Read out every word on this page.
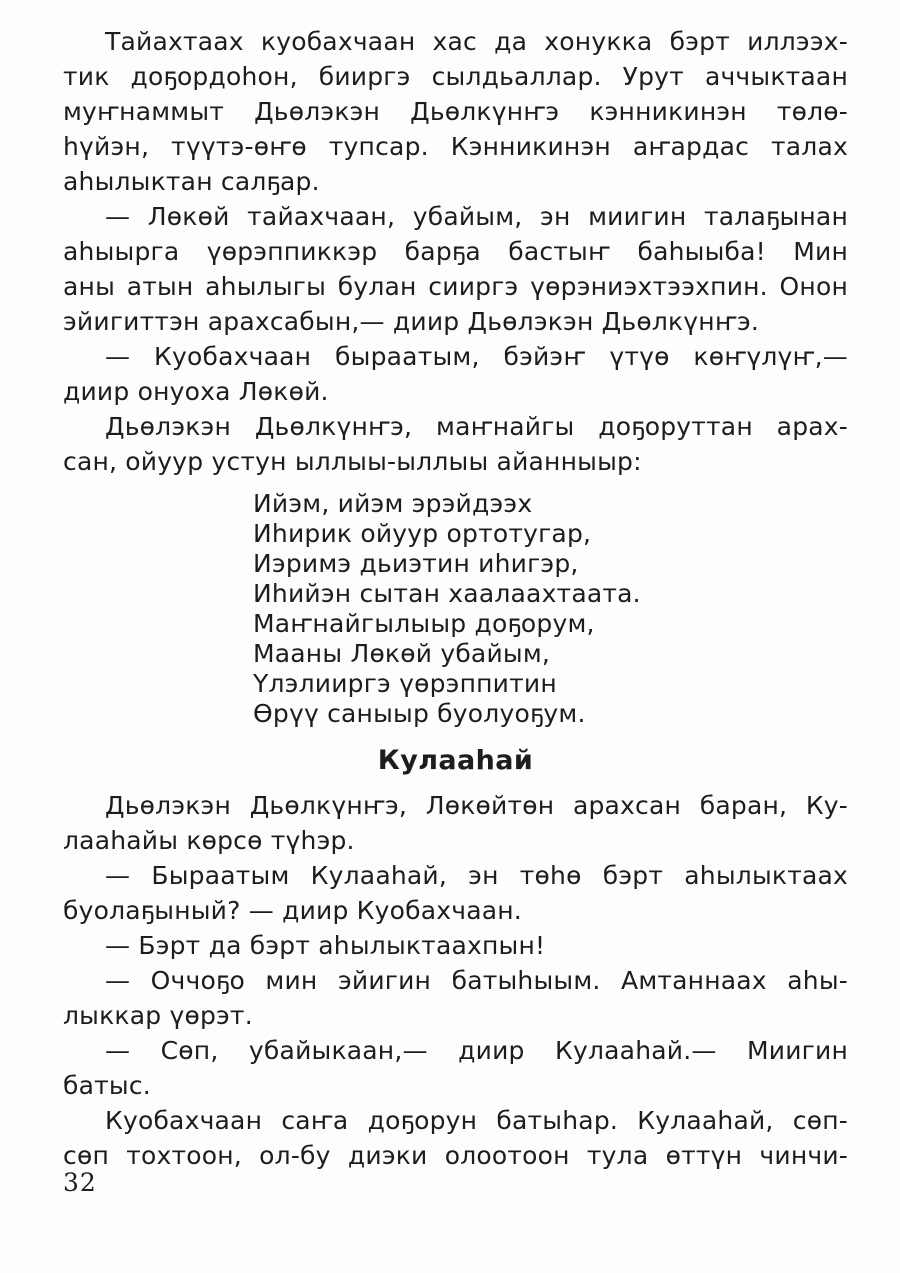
Тайахтаах куобахчаан хас да хонукка бэрт иллээх-
тик доҕордоһон, бииргэ сылдьаллар. Урут аччыктаан
муҥнаммыт Дьөлэкэн Дьөлкүнҥэ кэнникинэн төлө-
һүйэн, түүтэ-өҥө тупсар. Кэнникинэн аҥардас талах
аһылыктан салҕар.
— Лөкөй тайахчаан, убайым, эн миигин талаҕынан
аһыырга үөрэппиккэр барҕа бастыҥ баһыыба! Мин
аны атын аһылыгы булан сииргэ үөрэниэхтээхпин. Онон
эйигиттэн арахсабын,— диир Дьөлэкэн Дьөлкүнҥэ.
— Куобахчаан быраатым, бэйэҥ үтүө көҥүлүҥ,—
диир онуоха Лөкөй.
Дьөлэкэн Дьөлкүнҥэ, маҥнайгы доҕоруттан арах-
сан, ойуур устун ыллыы-ыллыы айанныыр:
Ийэм, ийэм эрэйдээх
Иһирик ойуур ортотугар,
Иэримэ дьиэтин иһигэр,
Иһийэн сытан хаалаахтаата.
Маҥнайгылыыр доҕорум,
Мааны Лөкөй убайым,
Үлэлииргэ үөрэппитин
Өрүү саныыр буолуоҕум.
Кулааһай
Дьөлэкэн Дьөлкүнҥэ, Лөкөйтөн арахсан баран, Ку-
лааһайы көрсө түһэр.
— Быраатым Кулааһай, эн төһө бэрт аһылыктаах
буолаҕыный? — диир Куобахчаан.
— Бэрт да бэрт аһылыктаахпын!
— Оччоҕо мин эйигин батыһыым. Амтаннаах аһы-
лыккар үөрэт.
— Сөп, убайыкаан,— диир Кулааһай.— Миигин
батыс.
Куобахчаан саҥа доҕорун батыһар. Кулааһай, сөп-
сөп тохтоон, ол-бу диэки олоотоон тула өттүн чинчи-
32
